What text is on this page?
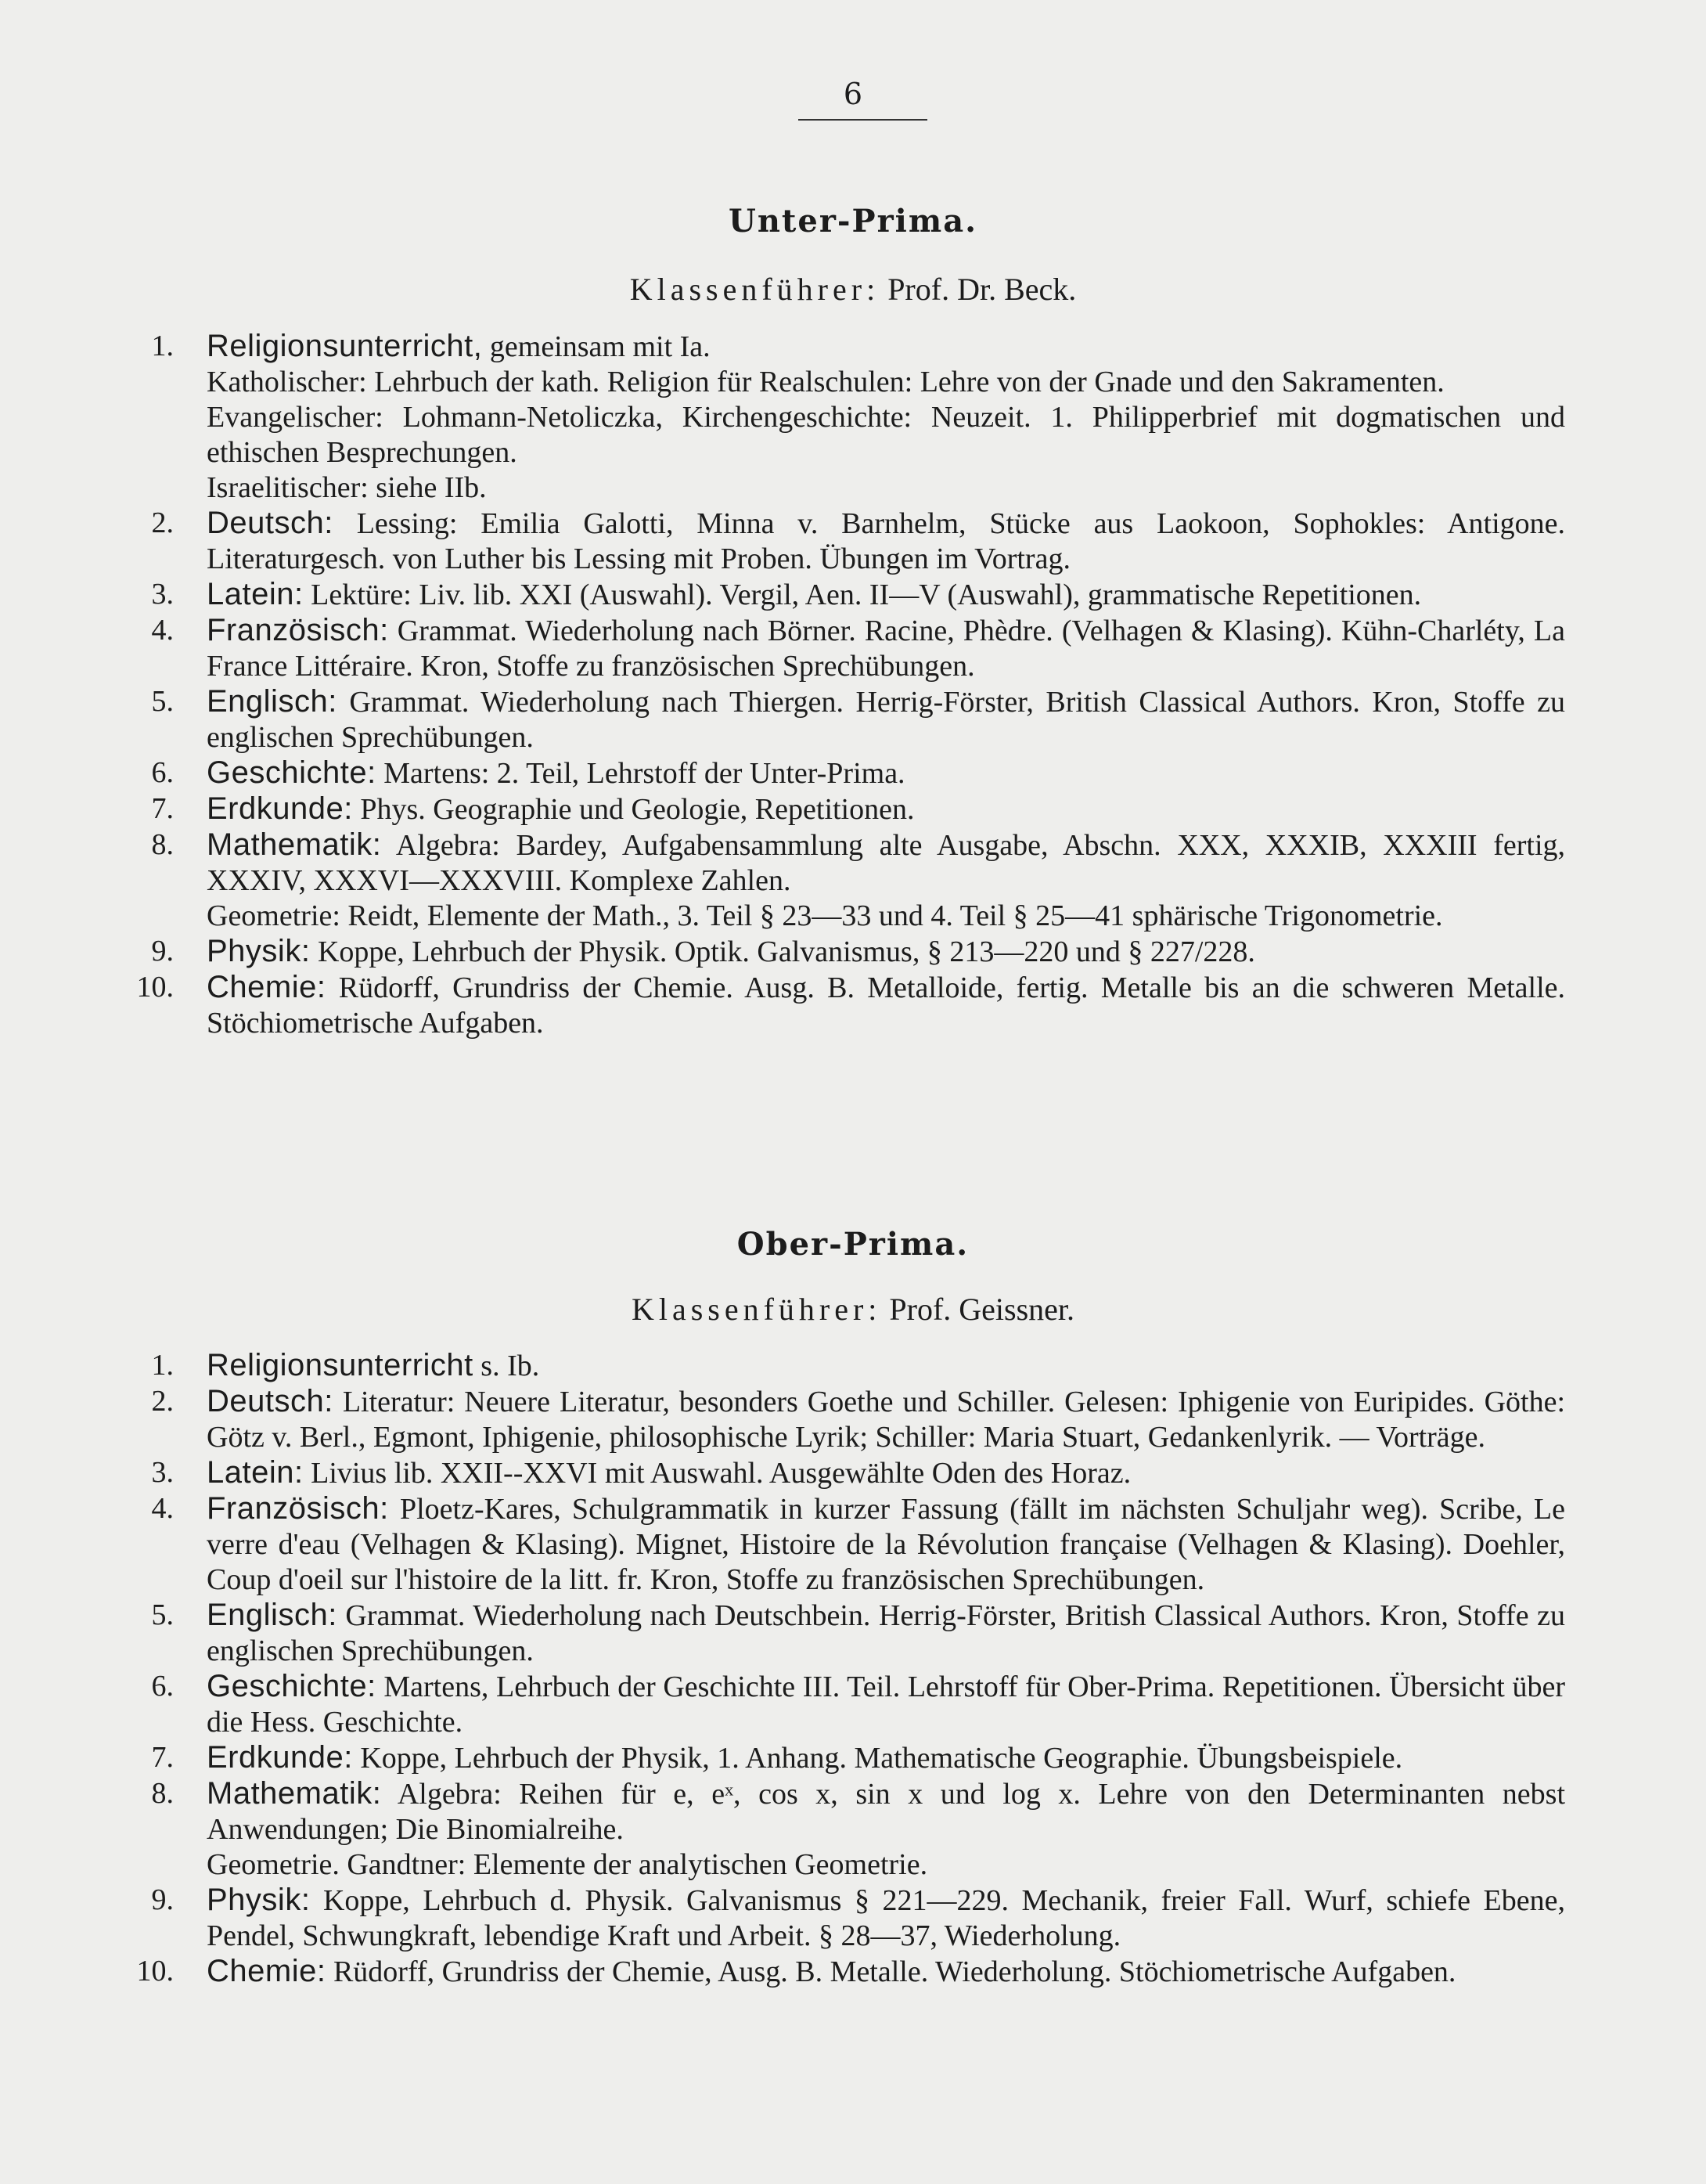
6
Unter-Prima.
Klassenführer: Prof. Dr. Beck.
1. Religionsunterricht, gemeinsam mit Ia.
Katholischer: Lehrbuch der kath. Religion für Realschulen: Lehre von der Gnade und den Sakramenten.
Evangelischer: Lohmann-Netoliczka, Kirchengeschichte: Neuzeit. 1. Philipperbrief mit dogmatischen und ethischen Besprechungen.
Israelitischer: siehe IIb.
2. Deutsch: Lessing: Emilia Galotti, Minna v. Barnhelm, Stücke aus Laokoon, Sophokles: Antigone. Literaturgesch. von Luther bis Lessing mit Proben. Übungen im Vortrag.
3. Latein: Lektüre: Liv. lib. XXI (Auswahl). Vergil, Aen. II—V (Auswahl), grammatische Repetitionen.
4. Französisch: Grammat. Wiederholung nach Börner. Racine, Phèdre. (Velhagen & Klasing). Kühn-Charléty, La France Littéraire. Kron, Stoffe zu französischen Sprechübungen.
5. Englisch: Grammat. Wiederholung nach Thiergen. Herrig-Förster, British Classical Authors. Kron, Stoffe zu englischen Sprechübungen.
6. Geschichte: Martens: 2. Teil, Lehrstoff der Unter-Prima.
7. Erdkunde: Phys. Geographie und Geologie, Repetitionen.
8. Mathematik: Algebra: Bardey, Aufgabensammlung alte Ausgabe, Abschn. XXX, XXXIB, XXXIII fertig, XXXIV, XXXVI—XXXVIII. Komplexe Zahlen.
Geometrie: Reidt, Elemente der Math., 3. Teil § 23—33 und 4. Teil § 25—41 sphärische Trigonometrie.
9. Physik: Koppe, Lehrbuch der Physik. Optik. Galvanismus, § 213—220 und § 227/228.
10. Chemie: Rüdorff, Grundriss der Chemie. Ausg. B. Metalloide, fertig. Metalle bis an die schweren Metalle. Stöchiometrische Aufgaben.
Ober-Prima.
Klassenführer: Prof. Geissner.
1. Religionsunterricht s. Ib.
2. Deutsch: Literatur: Neuere Literatur, besonders Goethe und Schiller. Gelesen: Iphigenie von Euripides. Göthe: Götz v. Berl., Egmont, Iphigenie, philosophische Lyrik; Schiller: Maria Stuart, Gedankenlyrik. — Vorträge.
3. Latein: Livius lib. XXII--XXVI mit Auswahl. Ausgewählte Oden des Horaz.
4. Französisch: Ploetz-Kares, Schulgrammatik in kurzer Fassung (fällt im nächsten Schuljahr weg). Scribe, Le verre d'eau (Velhagen & Klasing). Mignet, Histoire de la Révolution française (Velhagen & Klasing). Doehler, Coup d'oeil sur l'histoire de la litt. fr. Kron, Stoffe zu französischen Sprechübungen.
5. Englisch: Grammat. Wiederholung nach Deutschbein. Herrig-Förster, British Classical Authors. Kron, Stoffe zu englischen Sprechübungen.
6. Geschichte: Martens, Lehrbuch der Geschichte III. Teil. Lehrstoff für Ober-Prima. Repetitionen. Übersicht über die Hess. Geschichte.
7. Erdkunde: Koppe, Lehrbuch der Physik, 1. Anhang. Mathematische Geographie. Übungsbeispiele.
8. Mathematik: Algebra: Reihen für e, eˣ, cos x, sin x und log x. Lehre von den Determinanten nebst Anwendungen; Die Binomialreihe.
Geometrie. Gandtner: Elemente der analytischen Geometrie.
9. Physik: Koppe, Lehrbuch d. Physik. Galvanismus § 221—229. Mechanik, freier Fall. Wurf, schiefe Ebene, Pendel, Schwungkraft, lebendige Kraft und Arbeit. § 28—37, Wiederholung.
10. Chemie: Rüdorff, Grundriss der Chemie, Ausg. B. Metalle. Wiederholung. Stöchiometrische Aufgaben.
